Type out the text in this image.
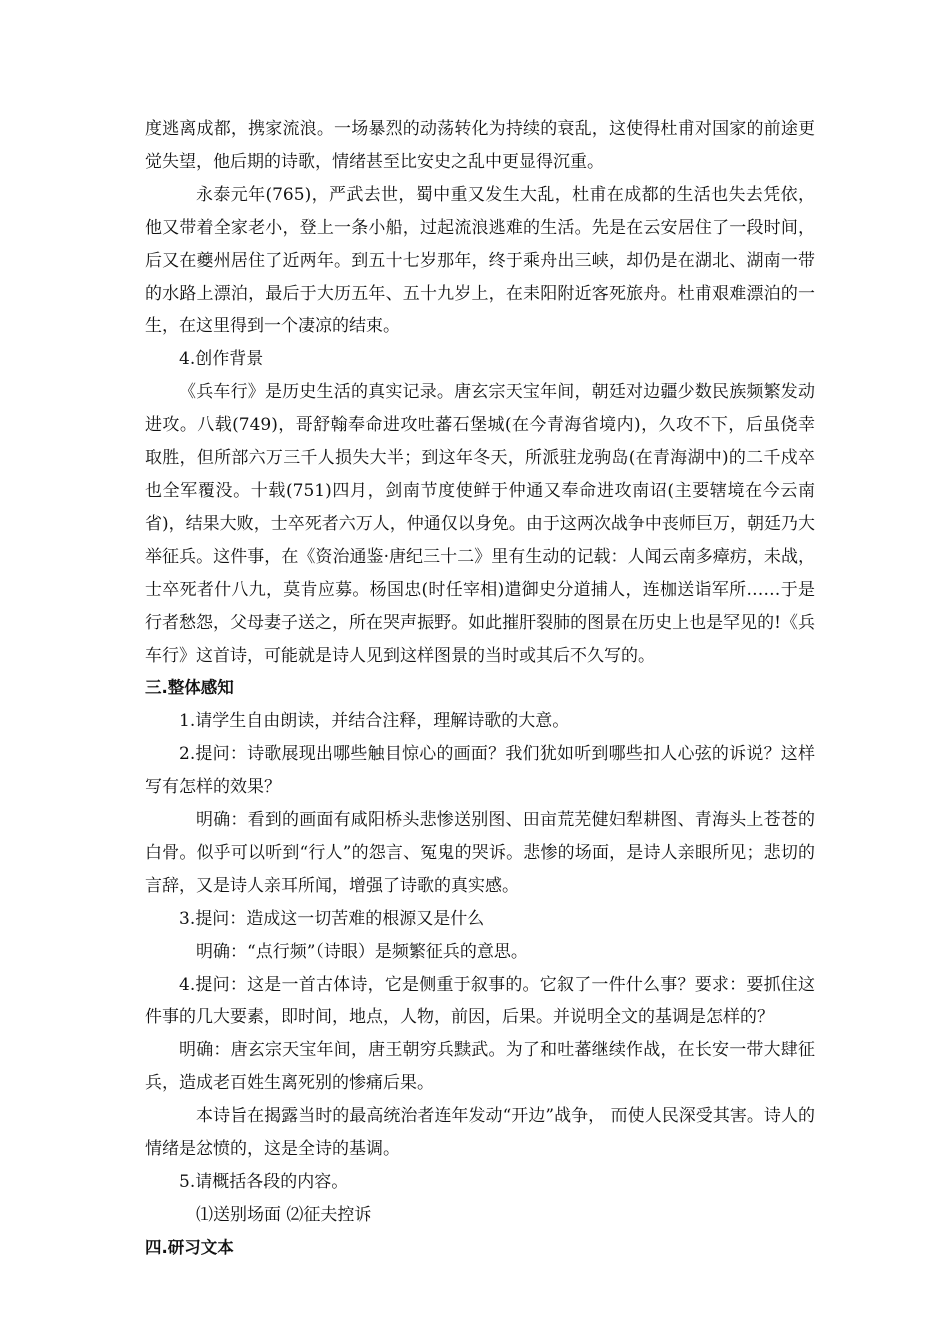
度逃离成都，携家流浪。一场暴烈的动荡转化为持续的衰乱，这使得杜甫对国家的前途更觉失望，他后期的诗歌，情绪甚至比安史之乱中更显得沉重。

永泰元年(765)，严武去世，蜀中重又发生大乱，杜甫在成都的生活也失去凭依，他又带着全家老小，登上一条小船，过起流浪逃难的生活。先是在云安居住了一段时间，后又在夔州居住了近两年。到五十七岁那年，终于乘舟出三峡，却仍是在湖北、湖南一带的水路上漂泊，最后于大历五年、五十九岁上，在耒阳附近客死旅舟。杜甫艰难漂泊的一生，在这里得到一个凄凉的结束。

4.创作背景

《兵车行》是历史生活的真实记录。唐玄宗天宝年间，朝廷对边疆少数民族频繁发动进攻。八载(749)，哥舒翰奉命进攻吐蕃石堡城(在今青海省境内)，久攻不下，后虽侥幸取胜，但所部六万三千人损失大半；到这年冬天，所派驻龙驹岛(在青海湖中)的二千戍卒也全军覆没。十载(751)四月，剑南节度使鲜于仲通又奉命进攻南诏(主要辖境在今云南省)，结果大败，士卒死者六万人，仲通仅以身免。由于这两次战争中丧师巨万，朝廷乃大举征兵。这件事，在《资治通鉴·唐纪三十二》里有生动的记载：人闻云南多瘴疠，未战，士卒死者什八九，莫肯应募。杨国忠(时任宰相)遣御史分道捕人，连枷送诣军所……于是行者愁怨，父母妻子送之，所在哭声振野。如此摧肝裂肺的图景在历史上也是罕见的!《兵车行》这首诗，可能就是诗人见到这样图景的当时或其后不久写的。

三.整体感知

1.请学生自由朗读，并结合注释，理解诗歌的大意。

2.提问：诗歌展现出哪些触目惊心的画面？我们犹如听到哪些扣人心弦的诉说？这样写有怎样的效果？

明确：看到的画面有咸阳桥头悲惨送别图、田亩荒芜健妇犁耕图、青海头上苍苍的白骨。似乎可以听到“行人”的怨言、冤鬼的哭诉。悲惨的场面，是诗人亲眼所见；悲切的言辞，又是诗人亲耳所闻，增强了诗歌的真实感。

3.提问：造成这一切苦难的根源又是什么

明确：“点行频”（诗眼）是频繁征兵的意思。

4.提问：这是一首古体诗，它是侧重于叙事的。它叙了一件什么事？要求：要抓住这件事的几大要素，即时间，地点，人物，前因，后果。并说明全文的基调是怎样的？

明确：唐玄宗天宝年间，唐王朝穷兵黩武。为了和吐蕃继续作战，在长安一带大肆征兵，造成老百姓生离死别的惨痛后果。

本诗旨在揭露当时的最高统治者连年发动“开边”战争， 而使人民深受其害。诗人的情绪是忿愤的，这是全诗的基调。

5.请概括各段的内容。

⑴送别场面 ⑵征夫控诉

四.研习文本
